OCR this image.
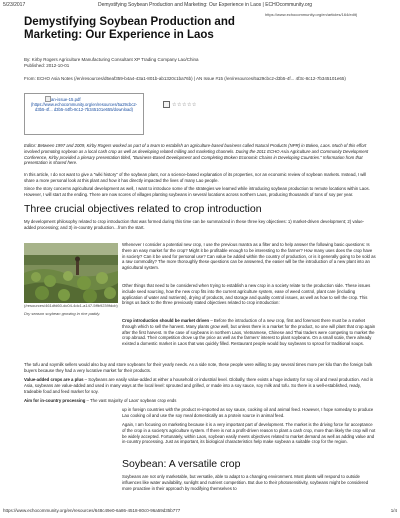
5/23/2017	Demystifying Soybean Production and Marketing: Our Experience in Laos | ECHOcommunity.org
https://www.echocommunity.org/en/articles/164/edit)
Demystifying Soybean Production and Marketing: Our Experience in Laos
By: Kirby Rogers Agriculture Manufacturing Consultant XP Trading Company Lao/China
Published: 2012-10-01
From: ECHO Asia Notes (/en/resources/d5eaf359-b4a4-43a1-801b-ab1320c1ba76b) | AN Issue #15 (/en/resources/5a29cbc2-d3b5-4f... 4f3c-8c12-7b345101e65)
an-issue-15.pdf
(https://www.echocommunity.org/en/resources/5a29cbc2-d3b5-4f... d3b5-44fb-8c12-7b345101e655/download)
☆☆☆☆☆

Editor: Between 1997 and 2009, Kirby Rogers worked as part of a team to establish an agriculture-based business called Natural Products (NPR) in Bokeo, Laos. Much of this effort involved promoting soybean as a local cash crop as well as developing related milling and marketing channels. During the 2011 ECHO Asia Agriculture and Community Development Conference, Kirby provided a plenary presentation titled, "Business-Based Development and Completing Broken Economic Chains in Developing Countries." Information from that presentation is shared here.

In this article, I do not want to give a "wiki history" of the soybean plant, nor a science-based explanation of its properties, nor an economic review of soybean markets. Instead, I will share a more personal look at this plant and how it has directly impacted the lives of many Lao people.

Since the story concerns agricultural development as well, I want to introduce some of the strategies we learned while introducing soybean production to remote locations within Laos. However, I will start at the ending. There are now scores of villages planting soybeans in several locations across northern Laos, producing thousands of tons of soy per year.

Three crucial objectives related to crop introduction

My development philosophy related to crop introduction that was formed during this time can be summarized in these three key objectives: 1) market-driven development; 2) value-added processing; and 3) in-country production…from the start.

(/resources/461dfd60-dc04-4dc1-a147-5ffb9239fdcb)
Dry season soybean growing in rice paddy.

Whenever I consider a potential new crop, I use the previous mantra as a filter and to help answer the following basic questions: Is there an easy market for the crop? Might it be profitable enough to be interesting to the farmer? How many uses does the crop have in society? Can it be used for personal use? Can value be added within the country of production, or is it generally going to be sold as a raw commodity? The more thoroughly these questions can be answered, the easier will be the introduction of a new plant into an agricultural system.

Other things that need to be considered when trying to establish a new crop in a society relate to the production side. These issues include seed sourcing, how the new crop fits into the current agriculture system, ease of weed control, plant care (including application of water and nutrients), drying of products, and storage and quality control issues, as well as how to sell the crop. This brings us back to the three previously stated objectives related to crop introduction:

Crop introduction should be market driven – Before the introduction of a new crop, first and foremost there must be a market through which to sell the harvest. Many plants grow well, but unless there is a market for the product, no one will plant that crop again after the first harvest. In the case of soybeans in northern Laos, Vietnamese, Chinese and Thai traders were competing to market the crop abroad. Their competition drove up the price as well as the farmers' interest to plant soybeans. On a small scale, there already existed a domestic market in Laos that was quickly filled. Restaurant people would buy soybeans to sprout for traditional soups.

The tofu and soymilk sellers would also buy and store soybeans for their yearly needs. As a side note, these people were willing to pay several times more per kilo than the foreign bulk buyers because they had a very lucrative market for their products.

Value-added crops are a plus – Soybeans are easily value-added at either a household or industrial level. Globally, there exists a huge industry for soy oil and meal production. And in Asia, soybeans are value-added and used in many ways at the local level: sprouted and grilled, or made into a soy sauce, soy milk and tofu. So there is a well-established, ready, tradeable food and feed market for soy.

Aim for in-country processing – The vast majority of Laos' soybean crop ends

up in foreign countries with the product re-imported as soy sauce, cooking oil and animal feed. However, I hope someday to produce Lao cooking oil and use the soy meal domestically as a protein source in animal feed.

Again, I am focusing on marketing because it is a very important part of development. The market is the driving force for acceptance of the crop in a society's agriculture system. If there is not a profit-driven reason to plant a cash crop, more than likely the crop will not be widely accepted. Fortunately, within Laos, soybean easily meets objectives related to market demand as well as adding value and in-country processing. Just as important, its biological characteristics help make soybean a suitable crop for the region.

Soybean: A versatile crop

Soybeans are not only marketable, but versatile, able to adapt to a changing environment. Most plants will respond to outside influences like water availability, sunlight and nutrient competition. But due to their photosensitivity, soybeans might be considered more proactive in their approach by modifying themselves to

https://www.echocommunity.org/en/resources/648c49e0-6a86-4518-80c0-96a59d35b777	1/4
